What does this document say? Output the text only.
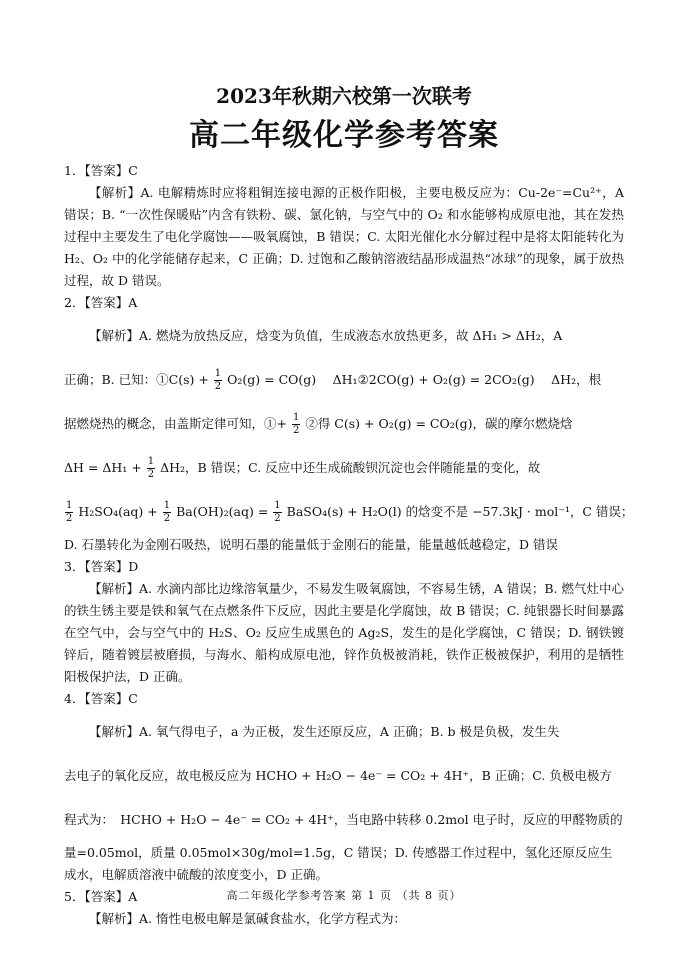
2023年秋期六校第一次联考
高二年级化学参考答案

1．【答案】C

【解析】A. 电解精炼时应将粗铜连接电源的正极作阳极，主要电极反应为：Cu-2e⁻=Cu²⁺，A 错误；B. “一次性保暖贴”内含有铁粉、碳、氯化钠，与空气中的 O₂ 和水能够构成原电池，其在发热过程中主要发生了电化学腐蚀——吸氧腐蚀，B 错误；C. 太阳光催化水分解过程中是将太阳能转化为 H₂、O₂ 中的化学能储存起来，C 正确；D. 过饱和乙酸钠溶液结晶形成温热“冰球”的现象，属于放热过程，故 D 错误。

2．【答案】A

【解析】A. 燃烧为放热反应，焓变为负值，生成液态水放热更多，故 ΔH₁ > ΔH₂，A

正确；B. 已知：①C(s) + $\frac{1}{2} O_2(g) = CO(g)$　 ΔH₁②2CO(g) + O₂(g) = 2CO₂(g)　 ΔH₂，根

据燃烧热的概念，由盖斯定律可知，①+ $\frac{1}{2}$ ②得 C(s) + O₂(g) = CO₂(g)，碳的摩尔燃烧焓

$\Delta H = \Delta H_1 + \frac{1}{2} \Delta H_2$，B 错误；C. 反应中还生成硫酸钡沉淀也会伴随能量的变化，故

$\frac{1}{2} H_2SO_4(aq) + \frac{1}{2} Ba(OH)_2(aq) = \frac{1}{2}$ BaSO₄(s) + H₂O(l) 的焓变不是 −57.3kJ · mol⁻¹，C 错误；

D. 石墨转化为金刚石吸热，说明石墨的能量低于金刚石的能量，能量越低越稳定，D 错误

3．【答案】D

【解析】A. 水滴内部比边缘溶氧量少，不易发生吸氧腐蚀，不容易生锈，A 错误；B. 燃气灶中心的铁生锈主要是铁和氧气在点燃条件下反应，因此主要是化学腐蚀，故 B 错误；C. 纯银器长时间暴露在空气中，会与空气中的 H₂S、O₂ 反应生成黑色的 Ag₂S，发生的是化学腐蚀，C 错误；D. 钢铁镀锌后，随着镀层被磨损，与海水、船构成原电池，锌作负极被消耗，铁作正极被保护，利用的是牺牲阳极保护法，D 正确。

4．【答案】C

【解析】A. 氧气得电子，a 为正极，发生还原反应，A 正确；B. b 极是负极，发生失

去电子的氧化反应，故电极反应为 HCHO + H₂O − 4e⁻ = CO₂ + 4H⁺，B 正确；C. 负极电极方

程式为：　HCHO + H₂O − 4e⁻ = CO₂ + 4H⁺，当电路中转移 0.2mol 电子时，反应的甲醛物质的

量=0.05mol，质量 0.05mol×30g/mol=1.5g，C 错误；D. 传感器工作过程中，氢化还原反应生

成水，电解质溶液中硫酸的浓度变小，D 正确。

5．【答案】A

【解析】A. 惰性电极电解是氯碱食盐水，化学方程式为：

高二年级化学参考答案 第 1 页 （共 8 页）
